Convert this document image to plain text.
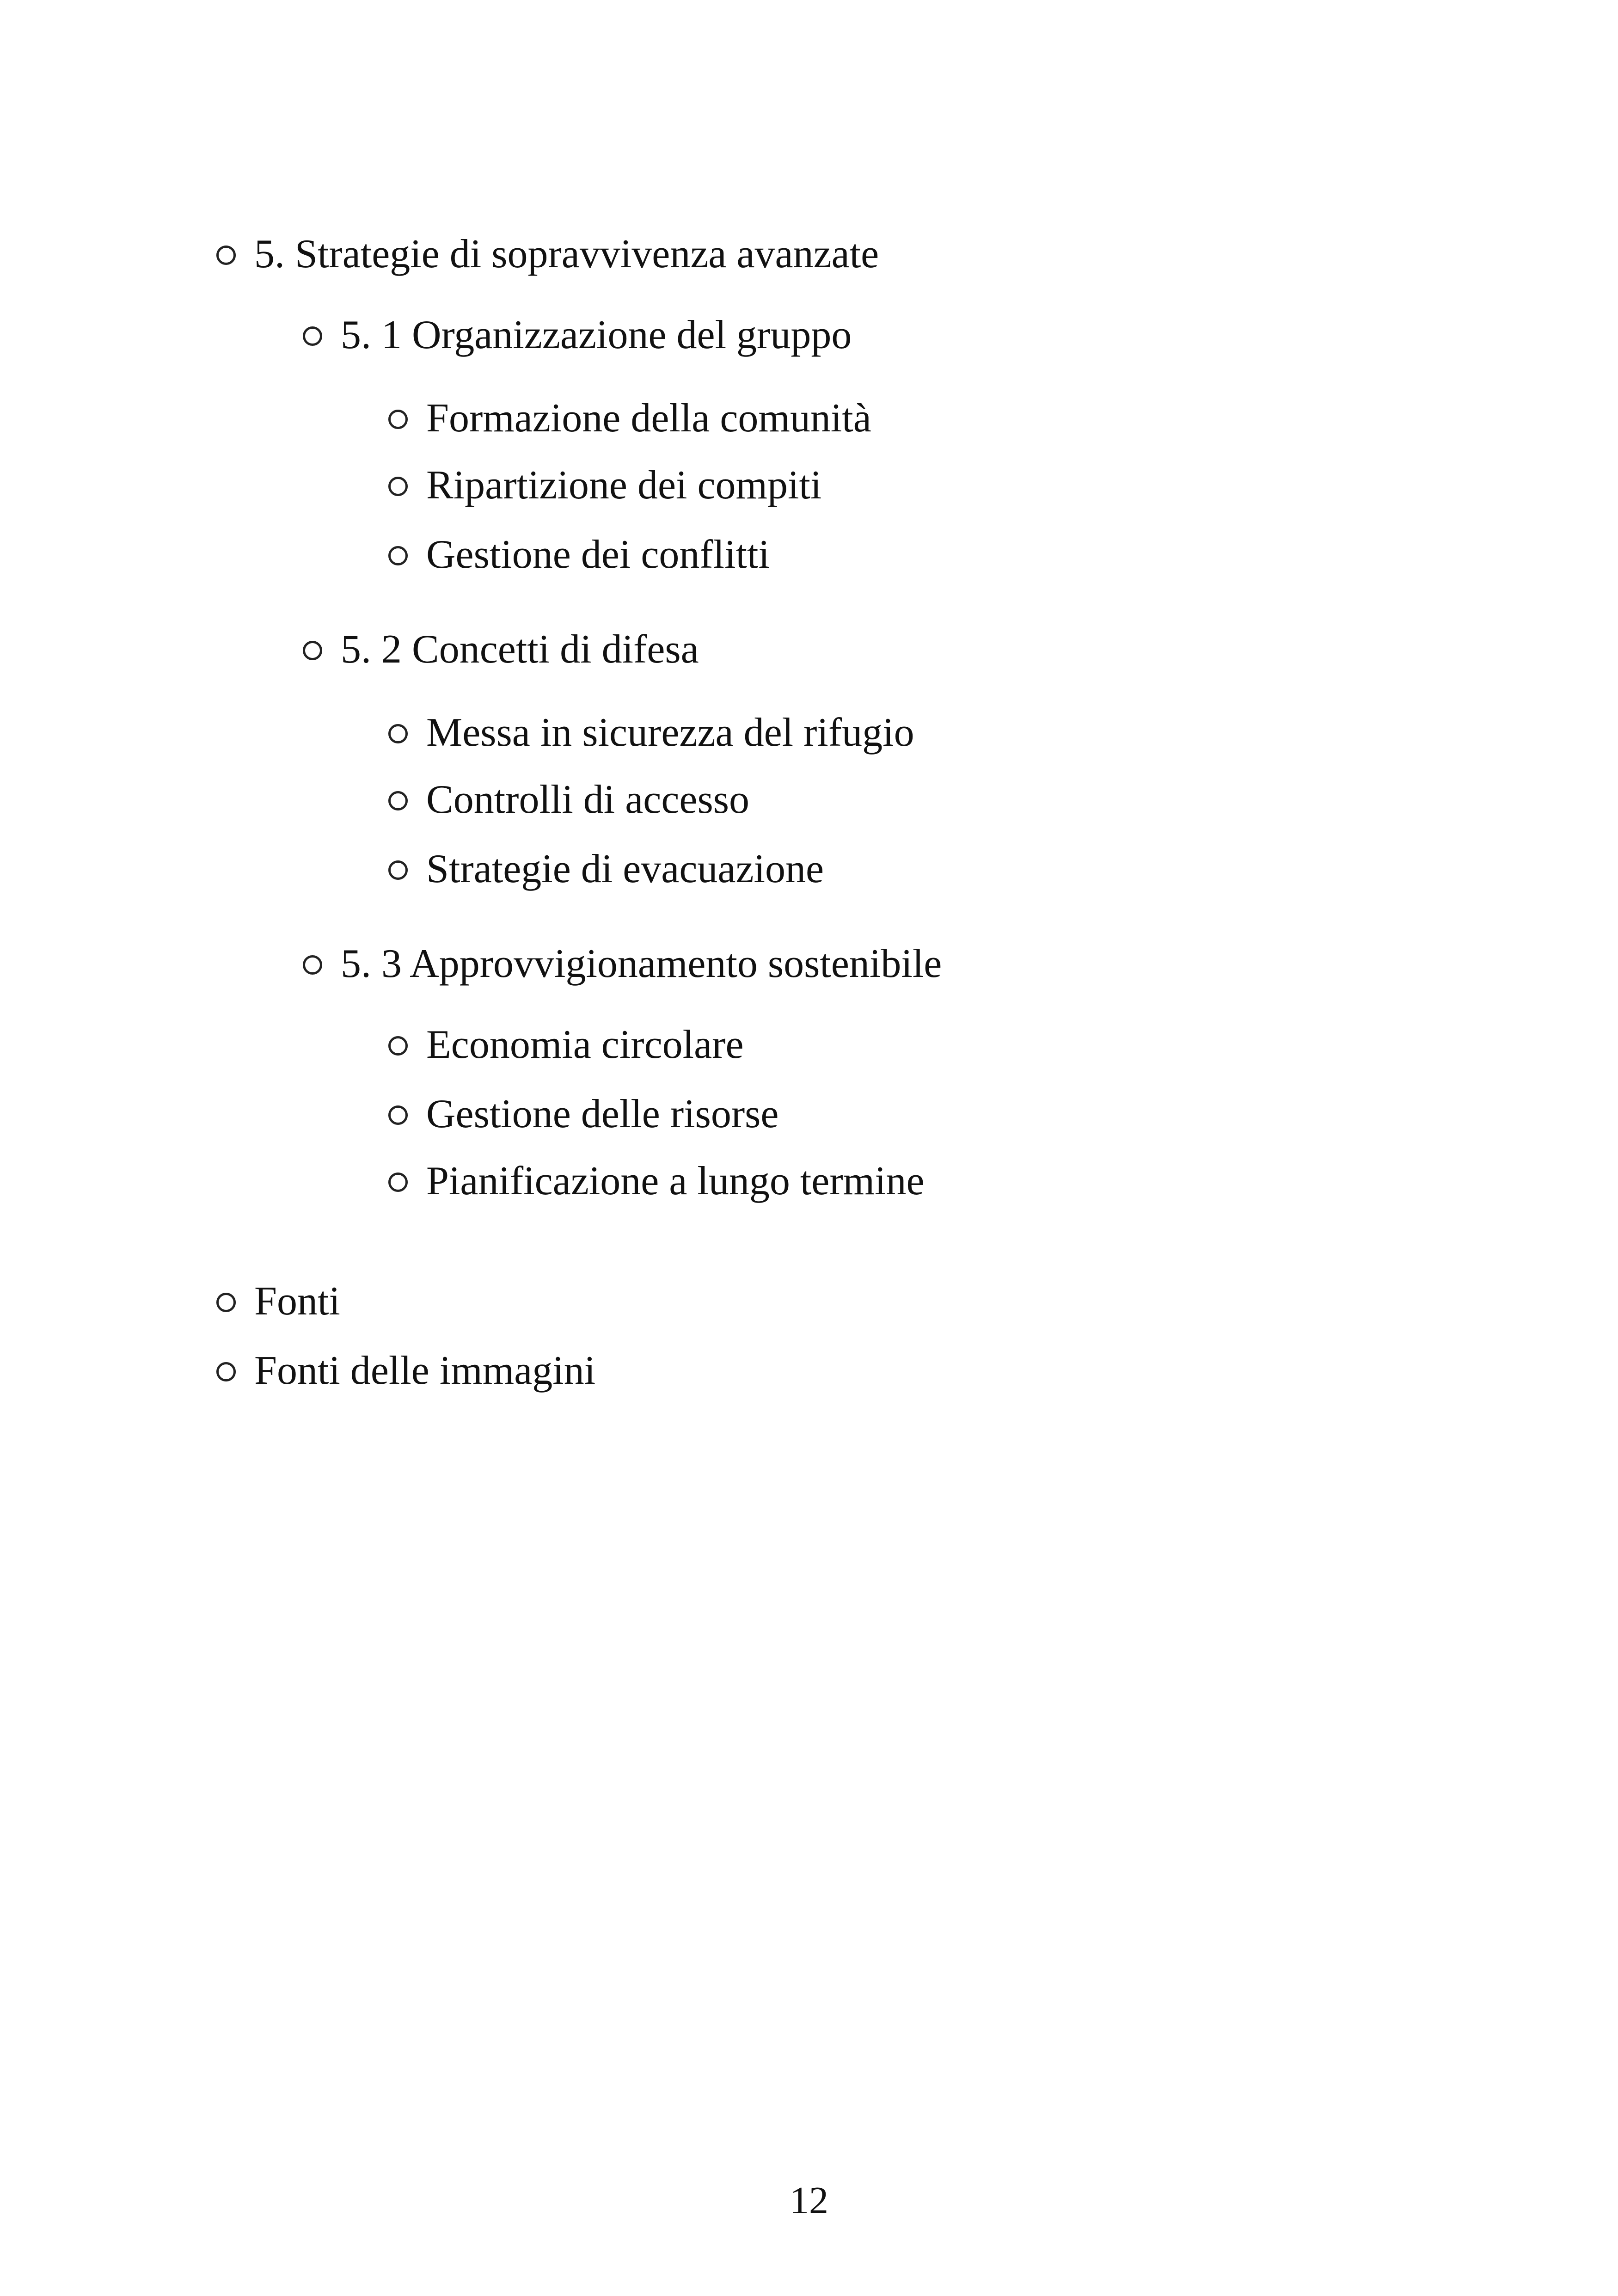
5. Strategie di sopravvivenza avanzate
5. 1 Organizzazione del gruppo
Formazione della comunità
Ripartizione dei compiti
Gestione dei conflitti
5. 2 Concetti di difesa
Messa in sicurezza del rifugio
Controlli di accesso
Strategie di evacuazione
5. 3 Approvvigionamento sostenibile
Economia circolare
Gestione delle risorse
Pianificazione a lungo termine
Fonti
Fonti delle immagini
12
